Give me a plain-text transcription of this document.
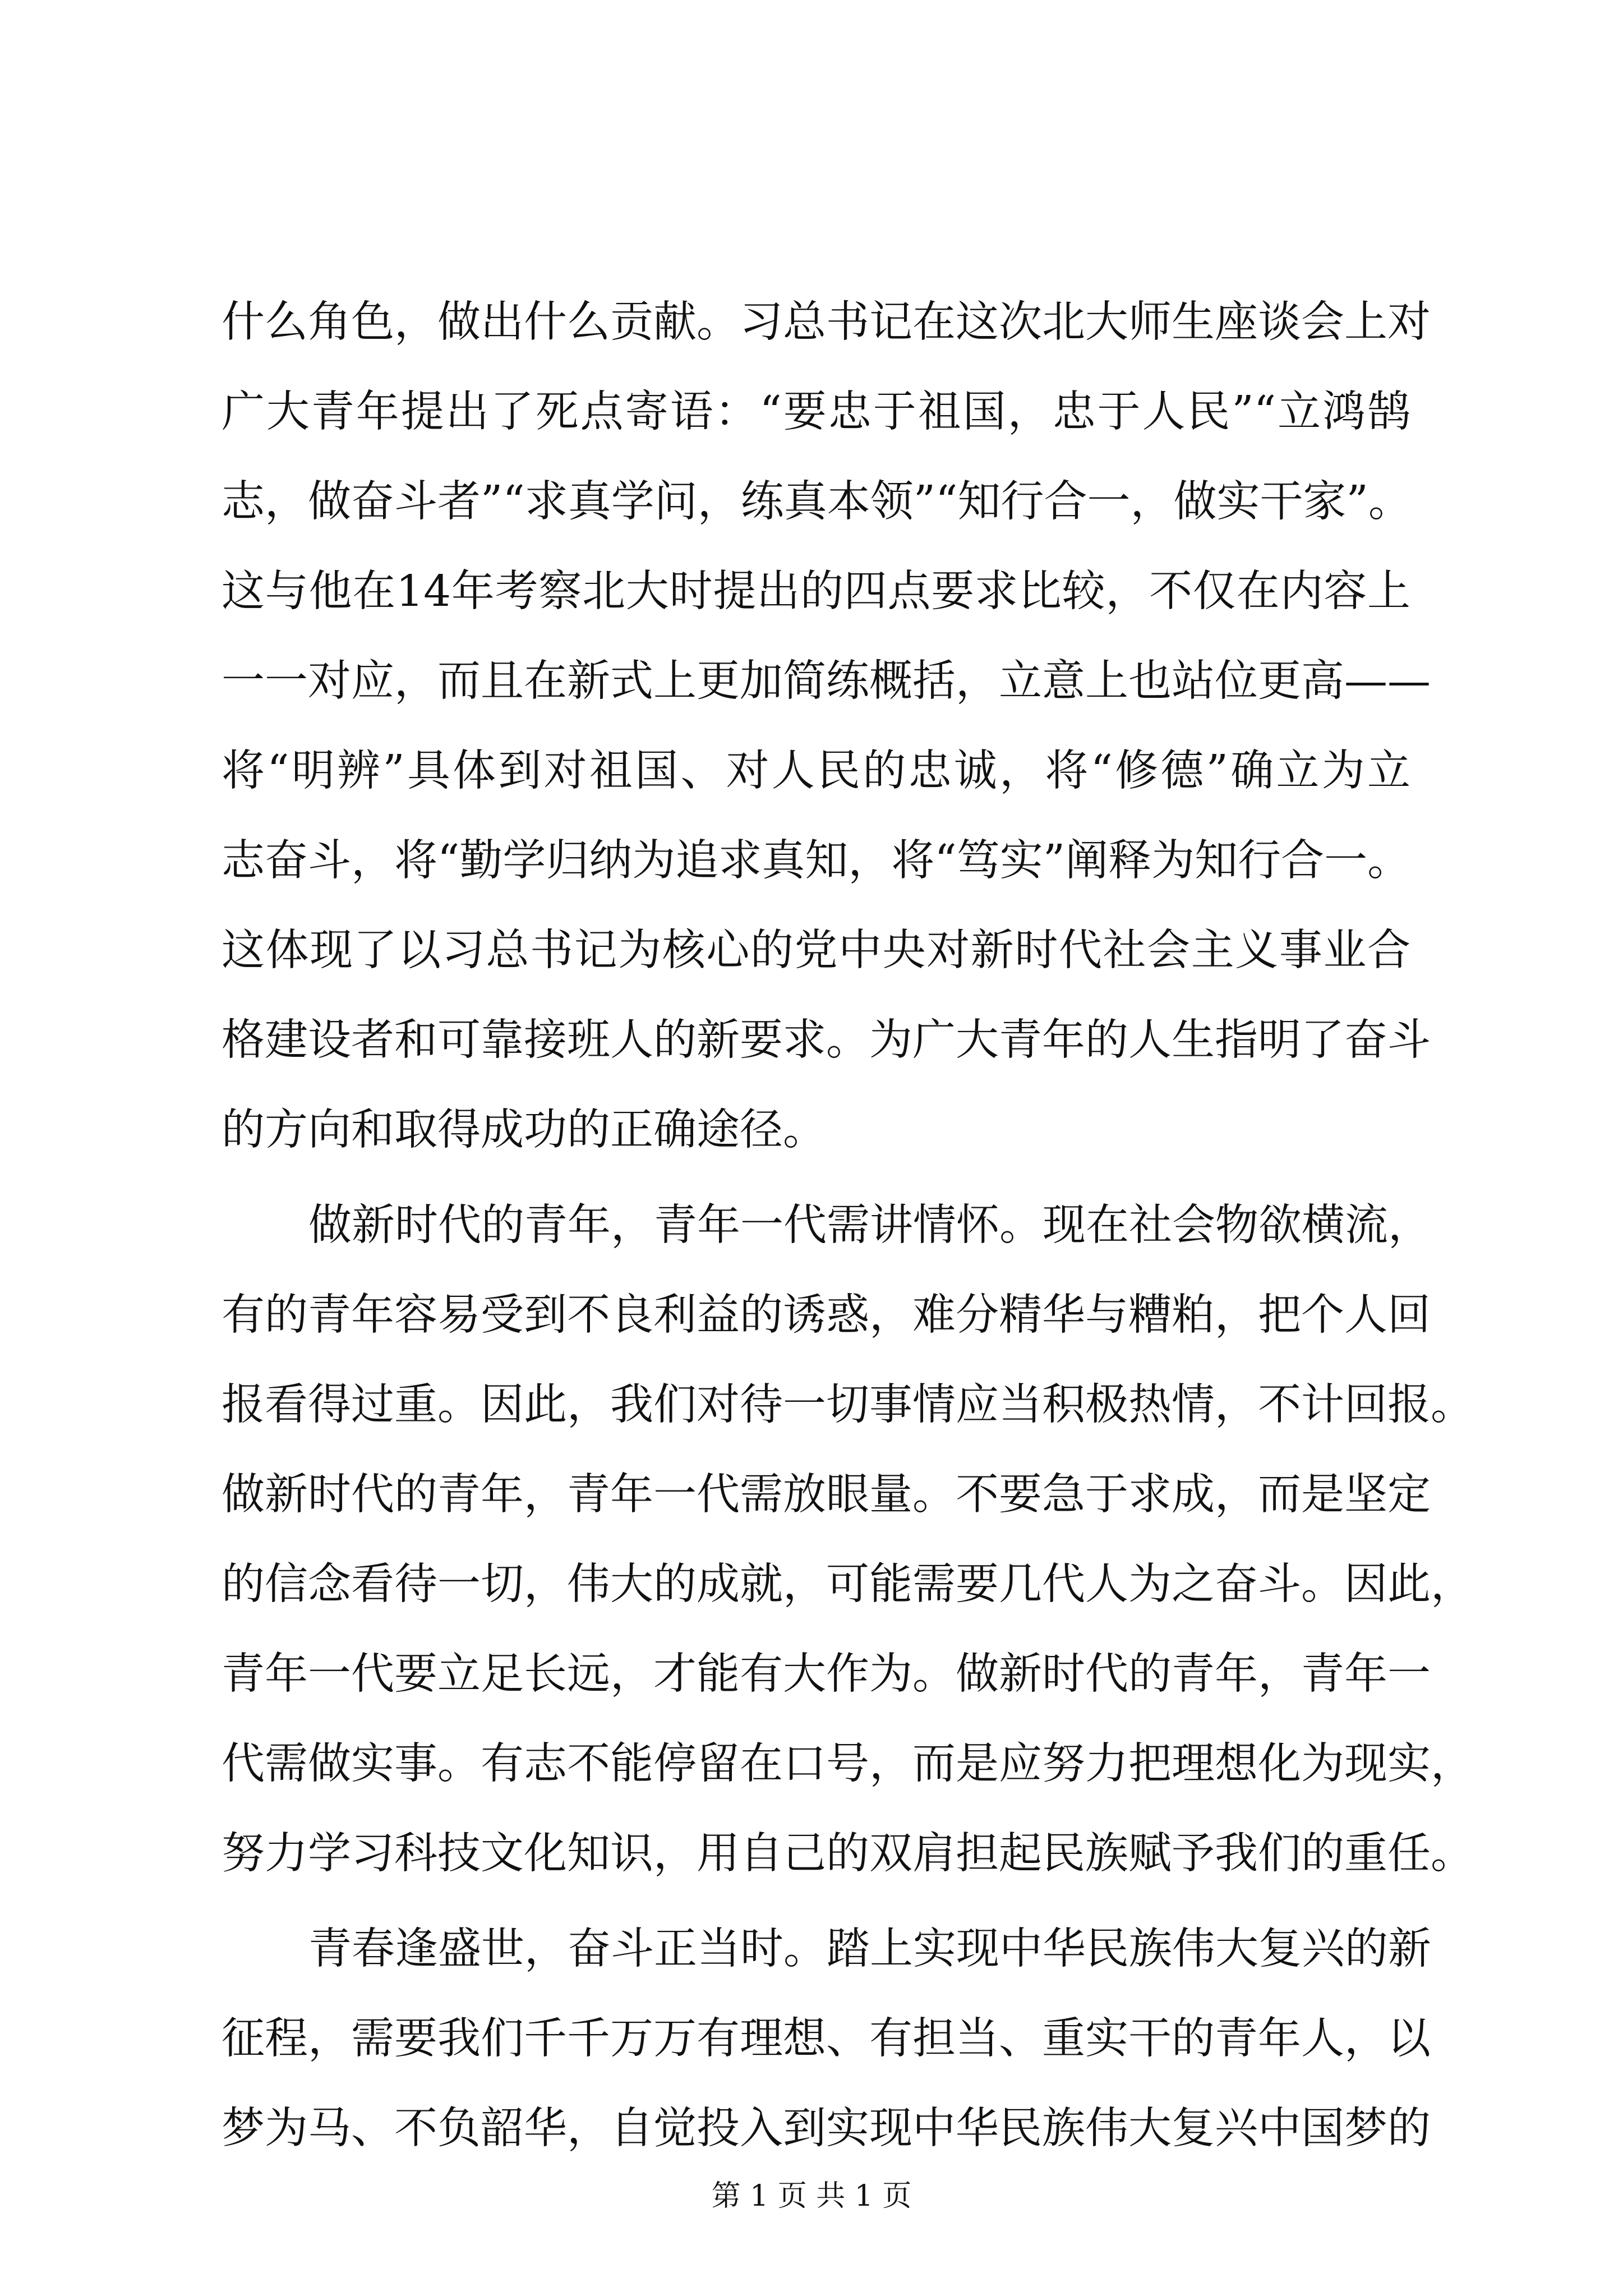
什么角色，做出什么贡献。习总书记在这次北大师生座谈会上对
广大青年提出了死点寄语：“要忠于祖国，忠于人民”“立鸿鹄
志，做奋斗者”“求真学问，练真本领”“知行合一，做实干家”。
这与他在14年考察北大时提出的四点要求比较，不仅在内容上
一一对应，而且在新式上更加简练概括，立意上也站位更高——
将“明辨”具体到对祖国、对人民的忠诚，将“修德”确立为立
志奋斗，将“勤学归纳为追求真知，将“笃实”阐释为知行合一。
这体现了以习总书记为核心的党中央对新时代社会主义事业合
格建设者和可靠接班人的新要求。为广大青年的人生指明了奋斗
的方向和取得成功的正确途径。
做新时代的青年，青年一代需讲情怀。现在社会物欲横流，
有的青年容易受到不良利益的诱惑，难分精华与糟粕，把个人回
报看得过重。因此，我们对待一切事情应当积极热情，不计回报。
做新时代的青年，青年一代需放眼量。不要急于求成，而是坚定
的信念看待一切，伟大的成就，可能需要几代人为之奋斗。因此，
青年一代要立足长远，才能有大作为。做新时代的青年，青年一
代需做实事。有志不能停留在口号，而是应努力把理想化为现实，
努力学习科技文化知识，用自己的双肩担起民族赋予我们的重任。
青春逢盛世，奋斗正当时。踏上实现中华民族伟大复兴的新
征程，需要我们千千万万有理想、有担当、重实干的青年人，以
梦为马、不负韶华，自觉投入到实现中华民族伟大复兴中国梦的
第 1 页 共 1 页
